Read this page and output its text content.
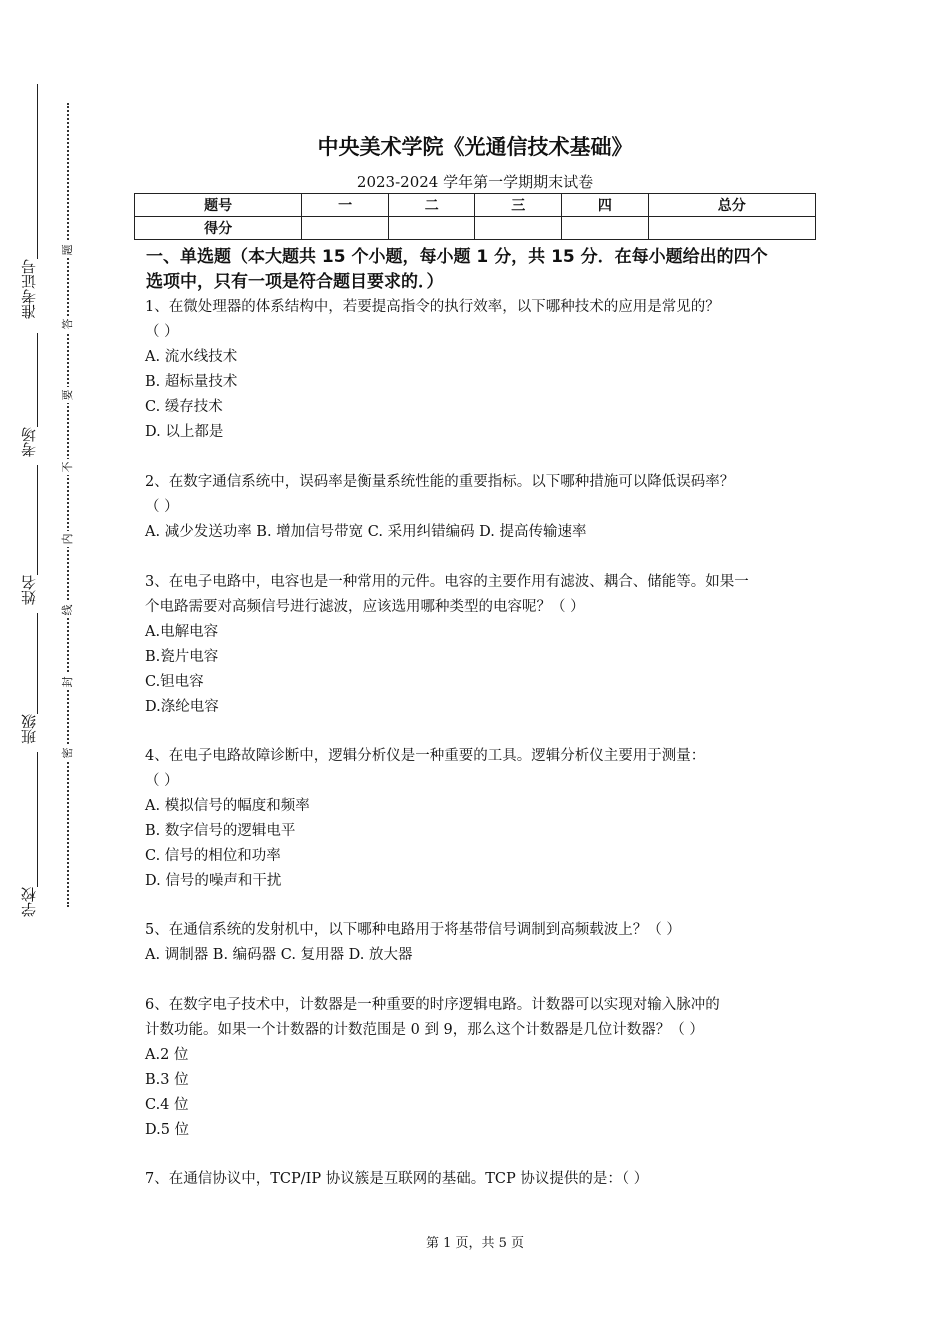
准考证号
考场
姓名
班级
学校
题
答
要
不
内
线
封
密
中央美术学院《光通信技术基础》
2023-2024 学年第一学期期末试卷
题号	一	二	三	四	总分
得分					
一、单选题（本大题共 15 个小题，每小题 1 分，共 15 分．在每小题给出的四个
选项中，只有一项是符合题目要求的．）
1、在微处理器的体系结构中，若要提高指令的执行效率，以下哪种技术的应用是常见的？
（ ）
A. 流水线技术
B. 超标量技术
C. 缓存技术
D. 以上都是
2、在数字通信系统中，误码率是衡量系统性能的重要指标。以下哪种措施可以降低误码率？
（ ）
A. 减少发送功率 B. 增加信号带宽 C. 采用纠错编码 D. 提高传输速率
3、在电子电路中，电容也是一种常用的元件。电容的主要作用有滤波、耦合、储能等。如果一
个电路需要对高频信号进行滤波，应该选用哪种类型的电容呢？（ ）
A.电解电容
B.瓷片电容
C.钽电容
D.涤纶电容
4、在电子电路故障诊断中，逻辑分析仪是一种重要的工具。逻辑分析仪主要用于测量：
（ ）
A. 模拟信号的幅度和频率
B. 数字信号的逻辑电平
C. 信号的相位和功率
D. 信号的噪声和干扰
5、在通信系统的发射机中，以下哪种电路用于将基带信号调制到高频载波上？（ ）
A. 调制器 B. 编码器 C. 复用器 D. 放大器
6、在数字电子技术中，计数器是一种重要的时序逻辑电路。计数器可以实现对输入脉冲的
计数功能。如果一个计数器的计数范围是 0 到 9，那么这个计数器是几位计数器？（ ）
A.2 位
B.3 位
C.4 位
D.5 位
7、在通信协议中，TCP/IP 协议簇是互联网的基础。TCP 协议提供的是：（ ）
第 1 页，共 5 页
